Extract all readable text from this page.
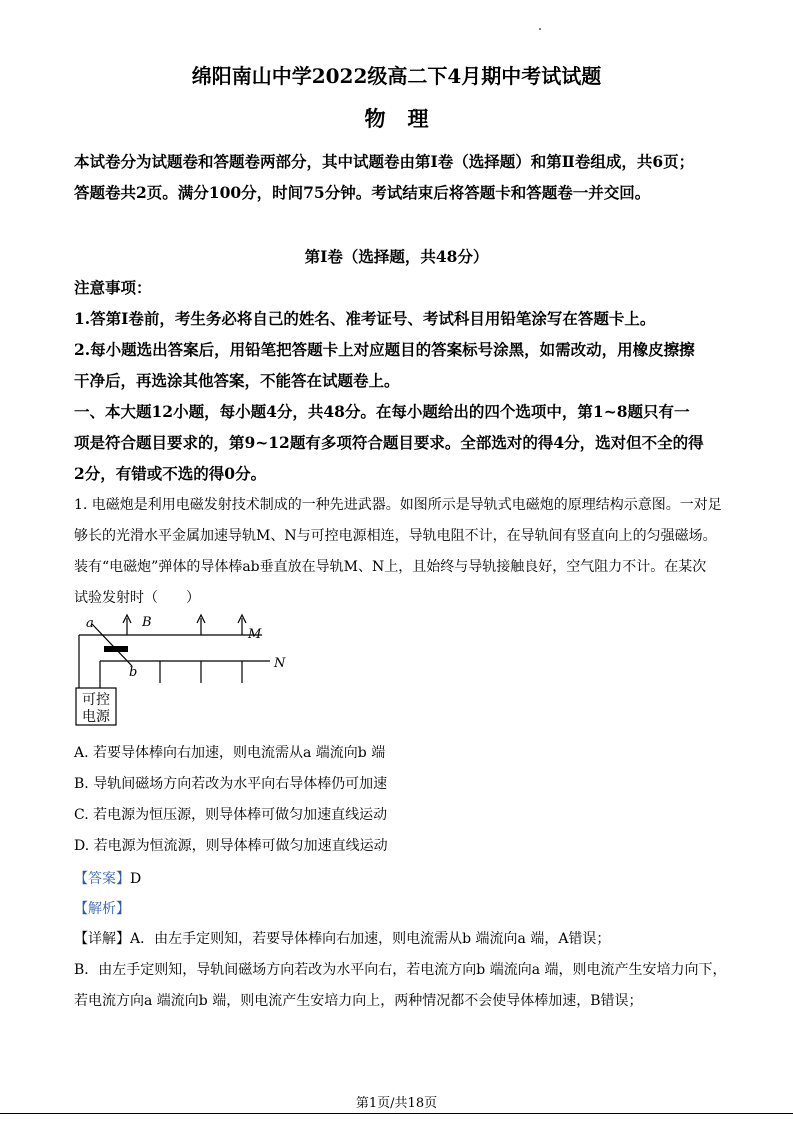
绵阳南山中学2022级高二下4月期中考试试题
物理
本试卷分为试题卷和答题卷两部分，其中试题卷由第Ⅰ卷（选择题）和第Ⅱ卷组成，共6页；
答题卷共2页。满分100分，时间75分钟。考试结束后将答题卡和答题卷一并交回。
第Ⅰ卷（选择题，共48分）
注意事项：
1.答第Ⅰ卷前，考生务必将自己的姓名、准考证号、考试科目用铅笔涂写在答题卡上。
2.每小题选出答案后，用铅笔把答题卡上对应题目的答案标号涂黑，如需改动，用橡皮擦擦
干净后，再选涂其他答案，不能答在试题卷上。
一、本大题12小题，每小题4分，共48分。在每小题给出的四个选项中，第1~8题只有一
项是符合题目要求的，第9~12题有多项符合题目要求。全部选对的得4分，选对但不全的得
2分，有错或不选的得0分。
1. 电磁炮是利用电磁发射技术制成的一种先进武器。如图所示是导轨式电磁炮的原理结构示意图。一对足
够长的光滑水平金属加速导轨M、N与可控电源相连，导轨电阻不计，在导轨间有竖直向上的匀强磁场。
装有“电磁炮”弹体的导体棒ab垂直放在导轨M、N上，且始终与导轨接触良好，空气阻力不计。在某次
试验发射时（　　）
a
b
B
M
N
可控
电源
A. 若要导体棒向右加速，则电流需从a 端流向b 端
B. 导轨间磁场方向若改为水平向右导体棒仍可加速
C. 若电源为恒压源，则导体棒可做匀加速直线运动
D. 若电源为恒流源，则导体棒可做匀加速直线运动
【答案】D
【解析】
【详解】A．由左手定则知，若要导体棒向右加速，则电流需从b 端流向a 端，A错误；
B．由左手定则知，导轨间磁场方向若改为水平向右，若电流方向b 端流向a 端，则电流产生安培力向下，
若电流方向a 端流向b 端，则电流产生安培力向上，两种情况都不会使导体棒加速，B错误；
第1页/共18页
